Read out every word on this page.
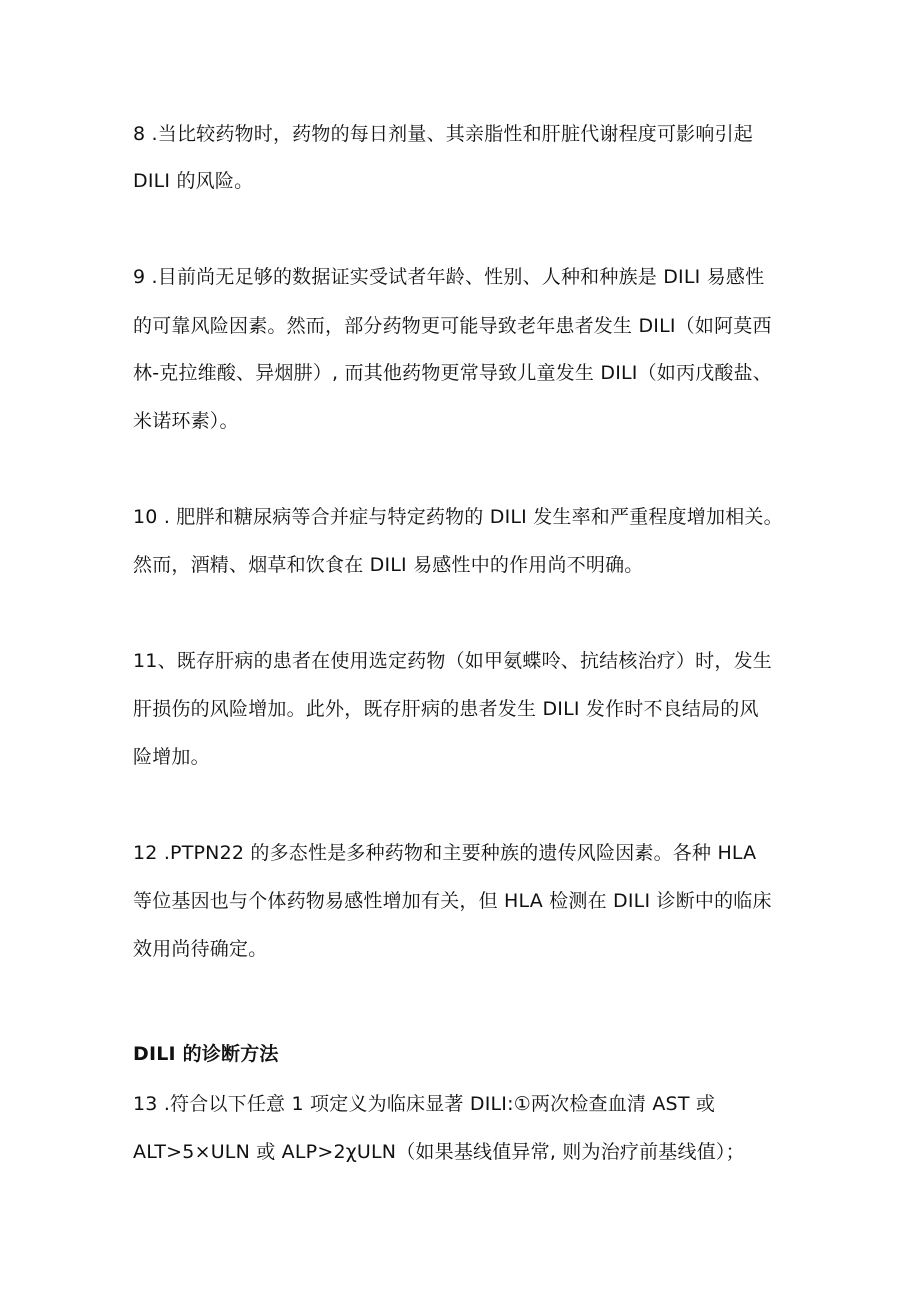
8 .当比较药物时，药物的每日剂量、其亲脂性和肝脏代谢程度可影响引起
DILI 的风险。
9 .目前尚无足够的数据证实受试者年龄、性别、人种和种族是 DILI 易感性
的可靠风险因素。然而，部分药物更可能导致老年患者发生 DILI（如阿莫西
林-克拉维酸、异烟肼）, 而其他药物更常导致儿童发生 DILI（如丙戊酸盐、
米诺环素）。
10 . 肥胖和糖尿病等合并症与特定药物的 DILI 发生率和严重程度增加相关。
然而，酒精、烟草和饮食在 DILI 易感性中的作用尚不明确。
11、既存肝病的患者在使用选定药物（如甲氨蝶呤、抗结核治疗）时，发生
肝损伤的风险增加。此外，既存肝病的患者发生 DILI 发作时不良结局的风
险增加。
12 .PTPN22 的多态性是多种药物和主要种族的遗传风险因素。各种 HLA
等位基因也与个体药物易感性增加有关，但 HLA 检测在 DILI 诊断中的临床
效用尚待确定。
DILI 的诊断方法
13 .符合以下任意 1 项定义为临床显著 DILI:①两次检查血清 AST 或
ALT>5×ULN 或 ALP>2χULN（如果基线值异常, 则为治疗前基线值）；
